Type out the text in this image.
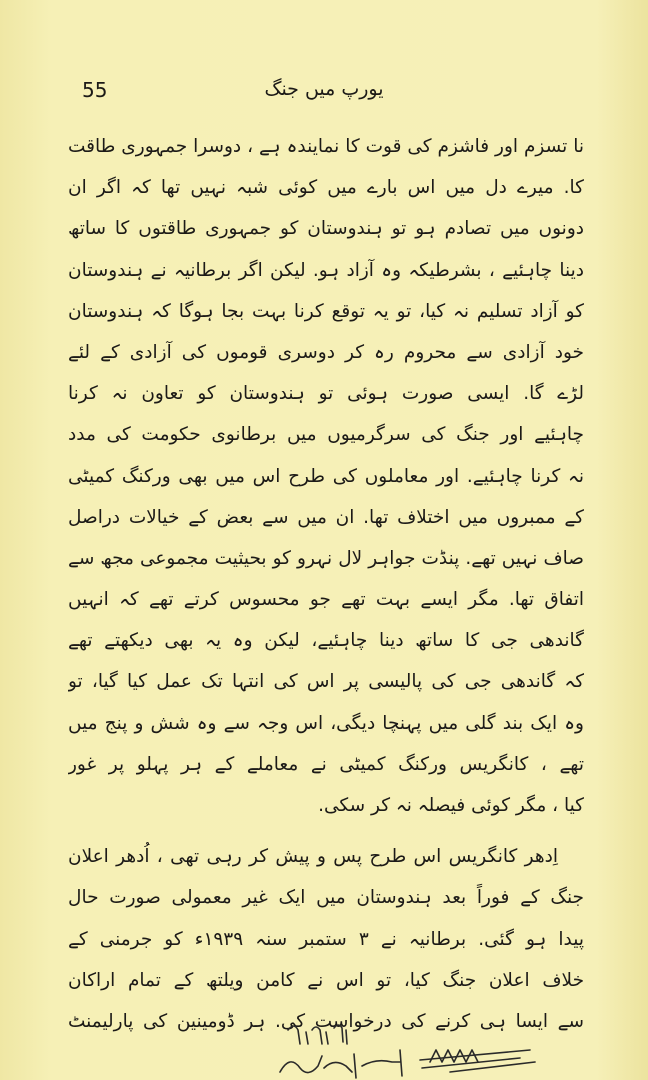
55	یورپ میں جنگ
نا تسزم اور فاشزم کی قوت کا نمایندہ ہے ، دوسرا جمہوری طاقت
کا. میرے دل میں اس بارے میں کوئی شبہ نہیں تھا کہ اگر ان
دونوں میں تصادم ہو تو ہندوستان کو جمہوری طاقتوں کا ساتھ
دینا چاہئیے ، بشرطیکہ وہ آزاد ہو. لیکن اگر برطانیہ نے ہندوستان
کو آزاد تسلیم نہ کیا، تو یہ توقع کرنا بہت بجا ہوگا کہ ہندوستان
خود آزادی سے محروم رہ کر دوسری قوموں کی آزادی کے لئے
لڑے گا. ایسی صورت ہوئی تو ہندوستان کو تعاون نہ کرنا
چاہئیے اور جنگ کی سرگرمیوں میں برطانوی حکومت کی مدد
نہ کرنا چاہئیے. اور معاملوں کی طرح اس میں بھی ورکنگ کمیٹی
کے ممبروں میں اختلاف تھا. ان میں سے بعض کے خیالات دراصل
صاف نہیں تھے. پنڈت جواہر لال نہرو کو بحیثیت مجموعی مجھ سے
اتفاق تھا. مگر ایسے بہت تھے جو محسوس کرتے تھے کہ انہیں
گاندھی جی کا ساتھ دینا چاہئیے، لیکن وہ یہ بھی دیکھتے تھے
کہ گاندھی جی کی پالیسی پر اس کی انتہا تک عمل کیا گیا، تو
وہ ایک بند گلی میں پہنچا دیگی، اس وجہ سے وہ شش و پنج میں
تھے ، کانگریس ورکنگ کمیٹی نے معاملے کے ہر پہلو پر غور
کیا ، مگر کوئی فیصلہ نہ کر سکی.
اِدھر کانگریس اس طرح پس و پیش کر رہی تھی ، اُدھر اعلان
جنگ کے فوراً بعد ہندوستان میں ایک غیر معمولی صورت حال
پیدا ہو گئی. برطانیہ نے ۳ ستمبر سنہ ۱۹۳۹ء کو جرمنی کے
خلاف اعلان جنگ کیا، تو اس نے کامن ویلتھ کے تمام اراکان
سے ایسا ہی کرنے کی درخواست کی. ہر ڈومینین کی پارلیمنٹ
